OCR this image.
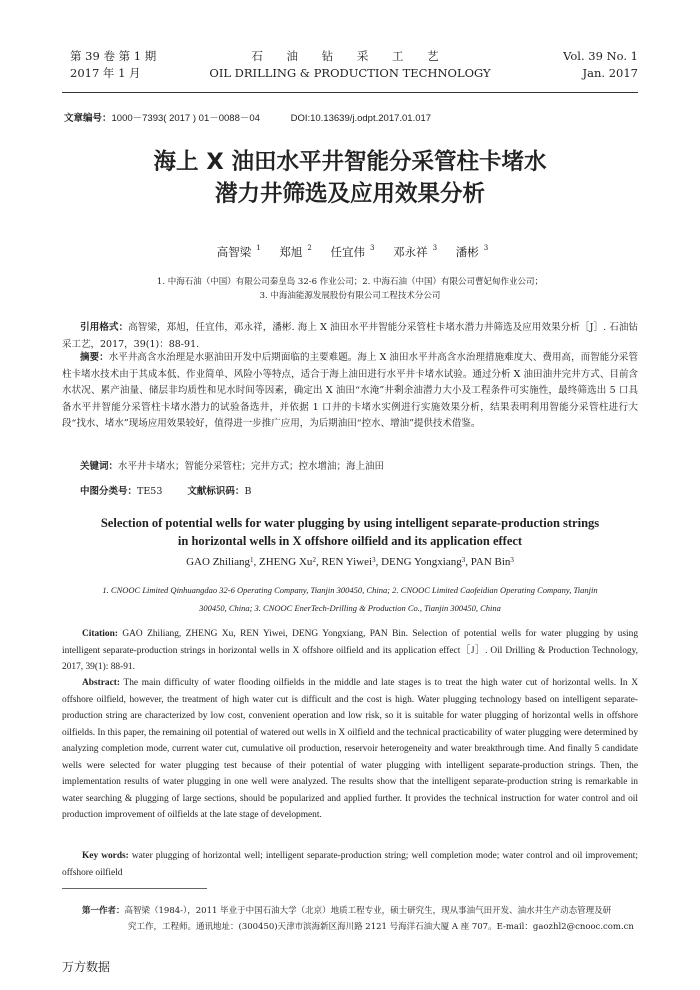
第 39 卷 第 1 期
2017 年 1 月
石 油 钻 采 工 艺
OIL DRILLING & PRODUCTION TECHNOLOGY
Vol. 39 No. 1
Jan. 2017
文章编号：1000－7393( 2017 ) 01－0088－04	DOI:10.13639/j.odpt.2017.01.017
海上 X 油田水平井智能分采管柱卡堵水
潜力井筛选及应用效果分析
高智梁 $^1$ 郑旭 $^2$ 任宜伟 $^3$ 邓永祥 $^3$ 潘彬 $^3$
1. 中海石油（中国）有限公司秦皇岛 32-6 作业公司；2. 中海石油（中国）有限公司曹妃甸作业公司；
3. 中海油能源发展股份有限公司工程技术分公司
引用格式：高智梁，郑旭，任宜伟，邓永祥，潘彬. 海上 X 油田水平井智能分采管柱卡堵水潜力井筛选及应用效果分析［J］. 石油钻采工艺，2017，39(1)：88-91.
摘要：水平井高含水治理是水驱油田开发中后期面临的主要难题。海上 X 油田水平井高含水治理措施难度大、费用高，而智能分采管柱卡堵水技术由于其成本低、作业简单、风险小等特点，适合于海上油田进行水平井卡堵水试验。通过分析 X 油田油井完井方式、目前含水状况、累产油量、储层非均质性和见水时间等因素，确定出 X 油田“水淹”井剩余油潜力大小及工程条件可实施性，最终筛选出 5 口具备水平井智能分采管柱卡堵水潜力的试验备选井，并依据 1 口井的卡堵水实例进行实施效果分析，结果表明利用智能分采管柱进行大段“找水、堵水”现场应用效果较好，值得进一步推广应用，为后期油田“控水、增油”提供技术借鉴。
关键词：水平井卡堵水；智能分采管柱；完井方式；控水增油；海上油田
中图分类号：TE53	文献标识码：B
Selection of potential wells for water plugging by using intelligent separate-production strings
in horizontal wells in X offshore oilfield and its application effect
GAO Zhiliang$^1$, ZHENG Xu$^2$, REN Yiwei$^3$, DENG Yongxiang$^3$, PAN Bin$^3$
1. CNOOC Limited Qinhuangdao 32-6 Operating Company, Tianjin 300450, China; 2. CNOOC Limited Caofeidian Operating Company, Tianjin
300450, China; 3. CNOOC EnerTech-Drilling & Production Co., Tianjin 300450, China
Citation: GAO Zhiliang, ZHENG Xu, REN Yiwei, DENG Yongxiang, PAN Bin. Selection of potential wells for water plugging by using intelligent separate-production strings in horizontal wells in X offshore oilfield and its application effect［J］. Oil Drilling & Production Technology, 2017, 39(1): 88-91.
Abstract: The main difficulty of water flooding oilfields in the middle and late stages is to treat the high water cut of horizontal wells. In X offshore oilfield, however, the treatment of high water cut is difficult and the cost is high. Water plugging technology based on intelligent separate-production string are characterized by low cost, convenient operation and low risk, so it is suitable for water plugging of horizontal wells in offshore oilfields. In this paper, the remaining oil potential of watered out wells in X oilfield and the technical practicability of water plugging were determined by analyzing completion mode, current water cut, cumulative oil production, reservoir heterogeneity and water breakthrough time. And finally 5 candidate wells were selected for water plugging test because of their potential of water plugging with intelligent separate-production strings. Then, the implementation results of water plugging in one well were analyzed. The results show that the intelligent separate-production string is remarkable in water searching & plugging of large sections, should be popularized and applied further. It provides the technical instruction for water control and oil production improvement of oilfields at the late stage of development.
Key words: water plugging of horizontal well; intelligent separate-production string; well completion mode; water control and oil improvement; offshore oilfield
第一作者：高智梁（1984-），2011 毕业于中国石油大学（北京）地质工程专业，硕士研究生，现从事油气田开发、油水井生产动态管理及研
究工作，工程师。通讯地址：(300450)天津市滨海新区海川路 2121 号海洋石油大厦 A 座 707。E-mail：gaozhl2@cnooc.com.cn
万方数据
